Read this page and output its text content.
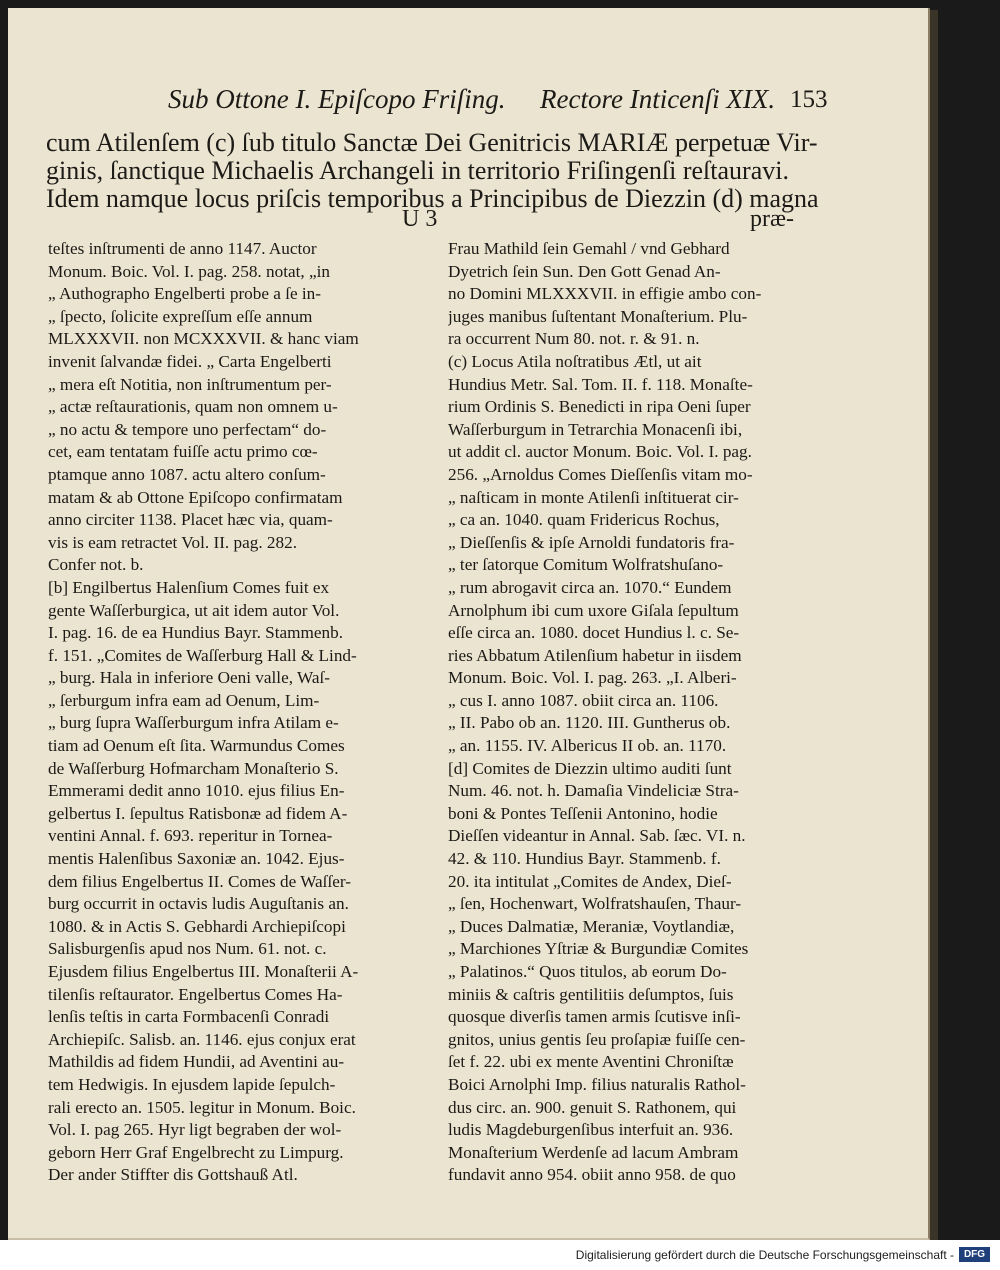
Sub Ottone I. Epiſcopo Friſing. Rectore Inticenſi XIX. 153
cum Atilenſem (c) ſub titulo Sanctæ Dei Genitricis MARIÆ perpetuæ Vir-
ginis, ſanctique Michaelis Archangeli in territorio Friſingenſi reſtauravi.
Idem namque locus priſcis temporibus a Principibus de Diezzin (d) magna
U 3	præ-
teſtes inſtrumenti de anno 1147. Auctor
Monum. Boic. Vol. I. pag. 258. notat, „in
„ Authographo Engelberti probe a ſe in-
„ ſpecto, ſolicite expreſſum eſſe annum
MLXXXVII. non MCXXXVII. & hanc viam
invenit ſalvandæ fidei. „ Carta Engelberti
„ mera eſt Notitia, non inſtrumentum per-
„ actæ reſtaurationis, quam non omnem u-
„ no actu & tempore uno perfectam“ do-
cet, eam tentatam fuiſſe actu primo cœ-
ptamque anno 1087. actu altero conſum-
matam & ab Ottone Epiſcopo confirmatam
anno circiter 1138. Placet hæc via, quam-
vis is eam retractet Vol. II. pag. 282.
Confer not. b.
[b] Engilbertus Halenſium Comes fuit ex
gente Waſſerburgica, ut ait idem autor Vol.
I. pag. 16. de ea Hundius Bayr. Stammenb.
f. 151. „Comites de Waſſerburg Hall & Lind-
„ burg. Hala in inferiore Oeni valle, Waſ-
„ ſerburgum infra eam ad Oenum, Lim-
„ burg ſupra Waſſerburgum infra Atilam e-
tiam ad Oenum eſt ſita. Warmundus Comes
de Waſſerburg Hofmarcham Monaſterio S.
Emmerami dedit anno 1010. ejus filius En-
gelbertus I. ſepultus Ratisbonæ ad fidem A-
ventini Annal. f. 693. reperitur in Tornea-
mentis Halenſibus Saxoniæ an. 1042. Ejus-
dem filius Engelbertus II. Comes de Waſſer-
burg occurrit in octavis ludis Auguſtanis an.
1080. & in Actis S. Gebhardi Archiepiſcopi
Salisburgenſis apud nos Num. 61. not. c.
Ejusdem filius Engelbertus III. Monaſterii A-
tilenſis reſtaurator. Engelbertus Comes Ha-
lenſis teſtis in carta Formbacenſi Conradi
Archiepiſc. Salisb. an. 1146. ejus conjux erat
Mathildis ad fidem Hundii, ad Aventini au-
tem Hedwigis. In ejusdem lapide ſepulch-
rali erecto an. 1505. legitur in Monum. Boic.
Vol. I. pag 265. Hyr ligt begraben der wol-
geborn Herr Graf Engelbrecht zu Limpurg.
Der ander Stiffter dis Gottshauß Atl.
Frau Mathild ſein Gemahl / vnd Gebhard
Dyetrich ſein Sun. Den Gott Genad An-
no Domini MLXXXVII. in effigie ambo con-
juges manibus ſuſtentant Monaſterium. Plu-
ra occurrent Num 80. not. r. & 91. n.
(c) Locus Atila noſtratibus Ætl, ut ait
Hundius Metr. Sal. Tom. II. f. 118. Monaſte-
rium Ordinis S. Benedicti in ripa Oeni ſuper
Waſſerburgum in Tetrarchia Monacenſi ibi,
ut addit cl. auctor Monum. Boic. Vol. I. pag.
256. „Arnoldus Comes Dieſſenſis vitam mo-
„ naſticam in monte Atilenſi inſtituerat cir-
„ ca an. 1040. quam Fridericus Rochus,
„ Dieſſenſis & ipſe Arnoldi fundatoris fra-
„ ter ſatorque Comitum Wolfratshuſano-
„ rum abrogavit circa an. 1070.“ Eundem
Arnolphum ibi cum uxore Giſala ſepultum
eſſe circa an. 1080. docet Hundius l. c. Se-
ries Abbatum Atilenſium habetur in iisdem
Monum. Boic. Vol. I. pag. 263. „I. Alberi-
„ cus I. anno 1087. obiit circa an. 1106.
„ II. Pabo ob an. 1120. III. Guntherus ob.
„ an. 1155. IV. Albericus II ob. an. 1170.
[d] Comites de Diezzin ultimo auditi ſunt
Num. 46. not. h. Damaſia Vindeliciæ Stra-
boni & Pontes Teſſenii Antonino, hodie
Dieſſen videantur in Annal. Sab. ſæc. VI. n.
42. & 110. Hundius Bayr. Stammenb. f.
20. ita intitulat „Comites de Andex, Dieſ-
„ ſen, Hochenwart, Wolfratshauſen, Thaur-
„ Duces Dalmatiæ, Meraniæ, Voytlandiæ,
„ Marchiones Yſtriæ & Burgundiæ Comites
„ Palatinos.“ Quos titulos, ab eorum Do-
miniis & caſtris gentilitiis deſumptos, ſuis
quosque diverſis tamen armis ſcutisve inſi-
gnitos, unius gentis ſeu proſapiæ fuiſſe cen-
ſet f. 22. ubi ex mente Aventini Chroniſtæ
Boici Arnolphi Imp. filius naturalis Rathol-
dus circ. an. 900. genuit S. Rathonem, qui
ludis Magdeburgenſibus interfuit an. 936.
Monaſterium Werdenſe ad lacum Ambram
fundavit anno 954. obiit anno 958. de quo
Digitalisierung gefördert durch die Deutsche Forschungsgemeinschaft - DFG
